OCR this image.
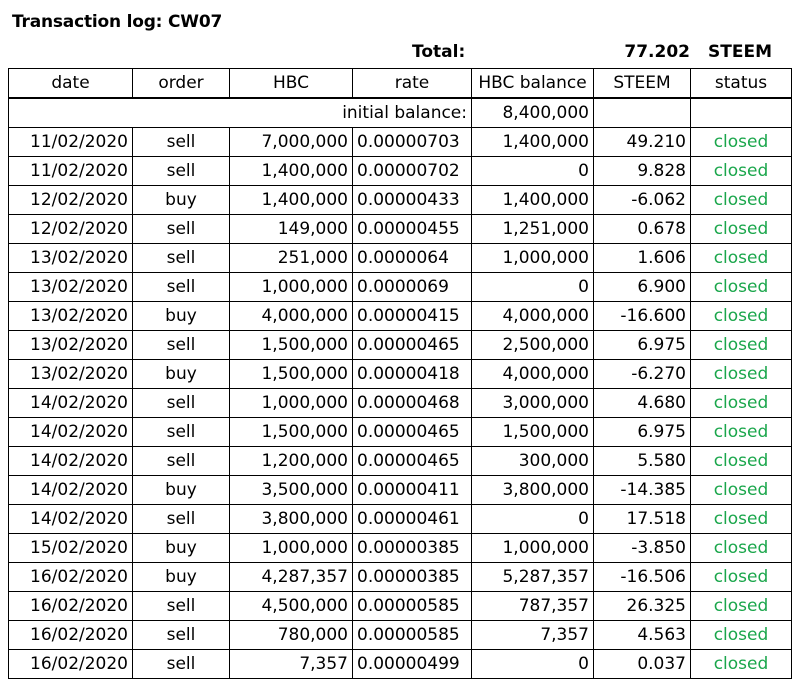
Transaction log: CW07
Total:	77.202	STEEM
date	order	HBC	rate	HBC balance	STEEM	status
initial balance:				8,400,000		
11/02/2020	sell	7,000,000	0.00000703	1,400,000	49.210	closed
11/02/2020	sell	1,400,000	0.00000702	0	9.828	closed
12/02/2020	buy	1,400,000	0.00000433	1,400,000	-6.062	closed
12/02/2020	sell	149,000	0.00000455	1,251,000	0.678	closed
13/02/2020	sell	251,000	0.0000064	1,000,000	1.606	closed
13/02/2020	sell	1,000,000	0.0000069	0	6.900	closed
13/02/2020	buy	4,000,000	0.00000415	4,000,000	-16.600	closed
13/02/2020	sell	1,500,000	0.00000465	2,500,000	6.975	closed
13/02/2020	buy	1,500,000	0.00000418	4,000,000	-6.270	closed
14/02/2020	sell	1,000,000	0.00000468	3,000,000	4.680	closed
14/02/2020	sell	1,500,000	0.00000465	1,500,000	6.975	closed
14/02/2020	sell	1,200,000	0.00000465	300,000	5.580	closed
14/02/2020	buy	3,500,000	0.00000411	3,800,000	-14.385	closed
14/02/2020	sell	3,800,000	0.00000461	0	17.518	closed
15/02/2020	buy	1,000,000	0.00000385	1,000,000	-3.850	closed
16/02/2020	buy	4,287,357	0.00000385	5,287,357	-16.506	closed
16/02/2020	sell	4,500,000	0.00000585	787,357	26.325	closed
16/02/2020	sell	780,000	0.00000585	7,357	4.563	closed
16/02/2020	sell	7,357	0.00000499	0	0.037	closed
